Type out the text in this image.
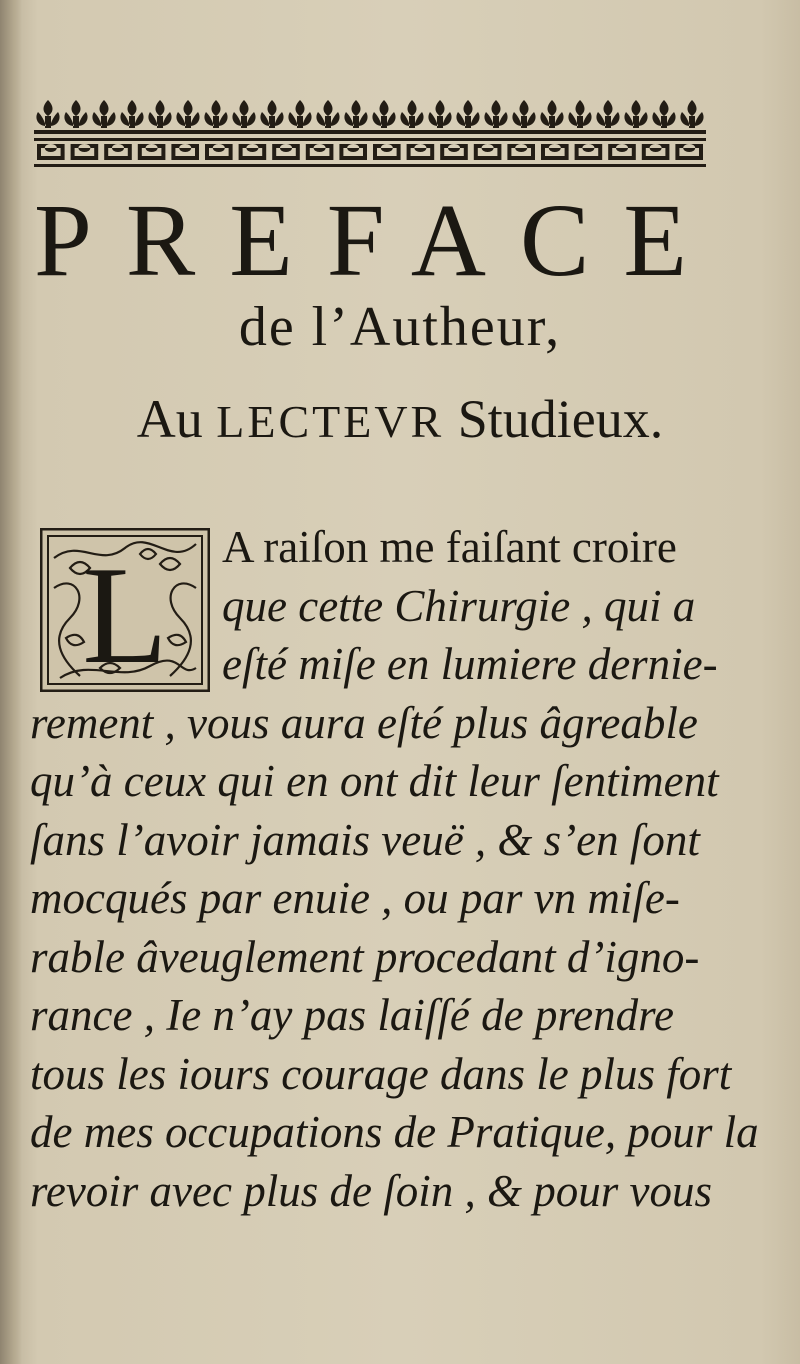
PREFACE
de l’Autheur,
Au LECTEVR Studieux.
L	A raiſon me faiſant croire
que cette Chirurgie , qui a
eſté miſe en lumiere dernie-
rement , vous aura eſté plus âgreable
qu’à ceux qui en ont dit leur ſentiment
ſans l’avoir jamais veuë , & s’en ſont
mocqués par enuie , ou par vn miſe-
rable âveuglement procedant d’igno-
rance , Ie n’ay pas laiſſé de prendre
tous les iours courage dans le plus fort
de mes occupations de Pratique, pour la
revoir avec plus de ſoin , & pour vous
